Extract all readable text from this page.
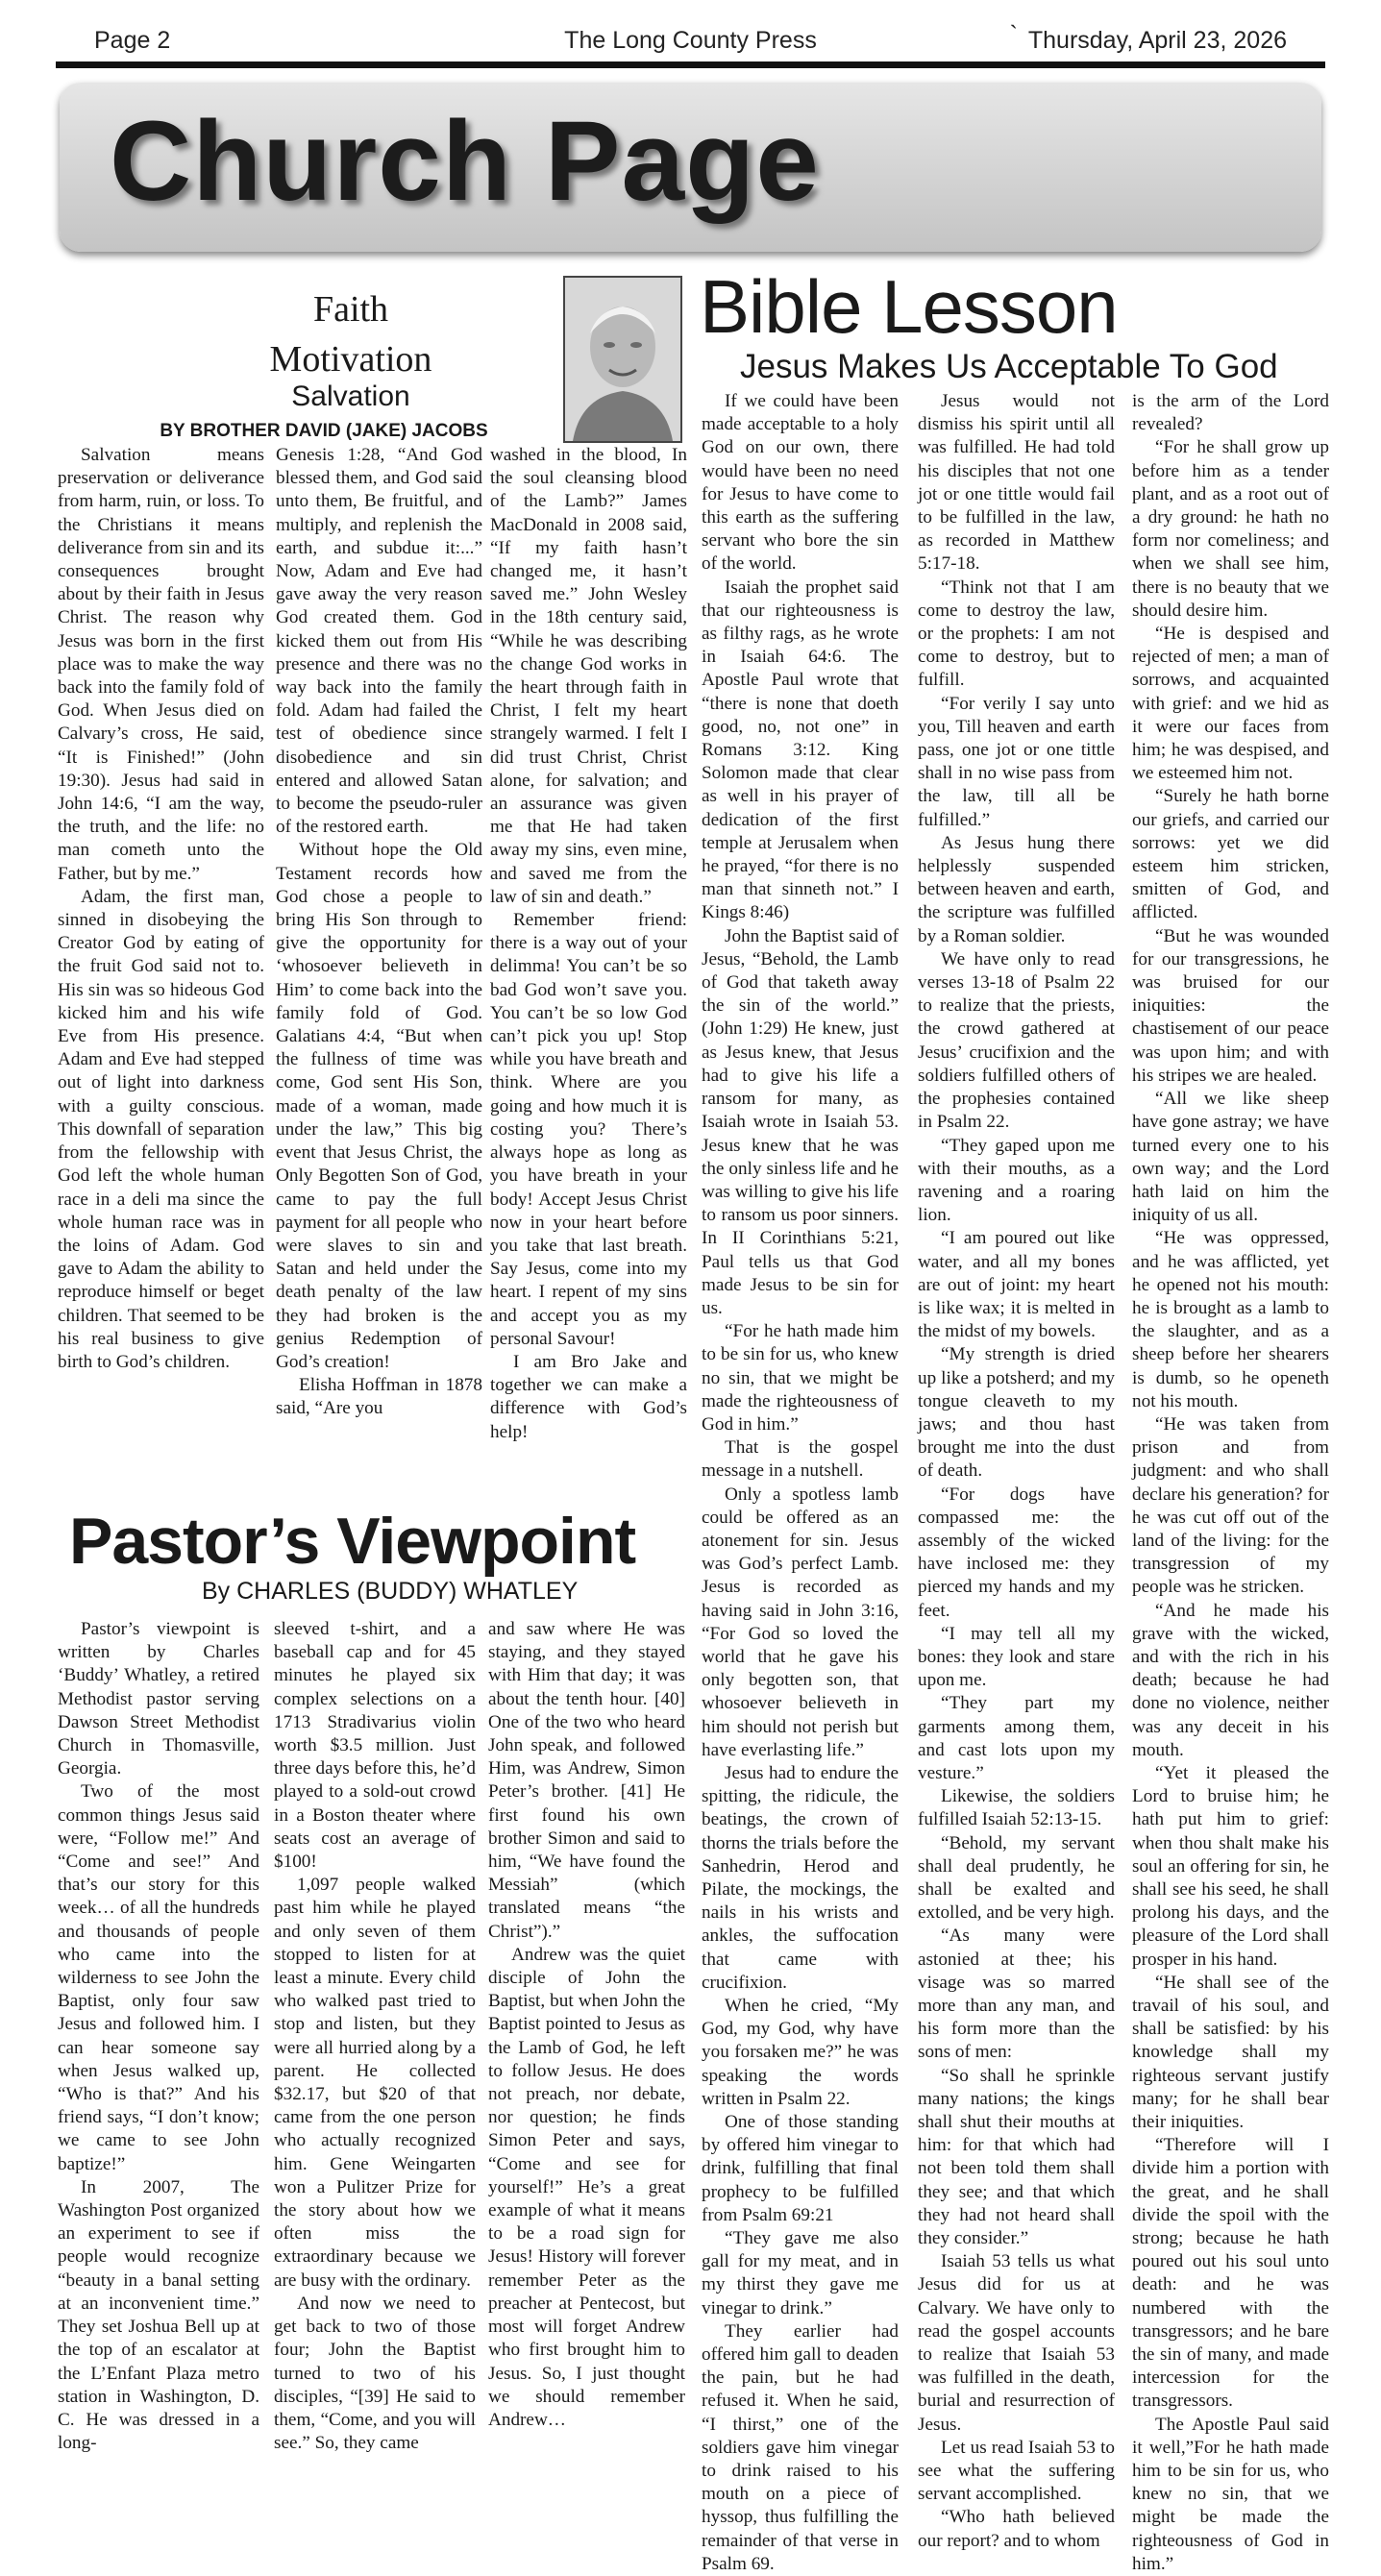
Page 2	The Long County Press	` Thursday, April 23, 2026
Church Page
Faith
Motivation
Salvation
BY BROTHER DAVID (JAKE) JACOBS

Salvation means preservation or deliverance from harm, ruin, or loss. To the Christians it means deliverance from sin and its consequences brought about by their faith in Jesus Christ. The reason why Jesus was born in the first place was to make the way back into the family fold of God. When Jesus died on Calvary’s cross, He said, “It is Finished!” (John 19:30). Jesus had said in John 14:6, “I am the way, the truth, and the life: no man cometh unto the Father, but by me.”

Adam, the first man, sinned in disobeying the Creator God by eating of the fruit God said not to. His sin was so hideous God kicked him and his wife Eve from His presence. Adam and Eve had stepped out of light into darkness with a guilty conscious. This downfall of separation from the fellowship with God left the whole human race in a deli ma since the whole human race was in the loins of Adam. God gave to Adam the ability to reproduce himself or beget children. That seemed to be his real business to give birth to God’s children.

Genesis 1:28, “And God blessed them, and God said unto them, Be fruitful, and multiply, and replenish the earth, and subdue it:...” Now, Adam and Eve had gave away the very reason God created them. God kicked them out from His presence and there was no way back into the family fold. Adam had failed the test of obedience since disobedience and sin entered and allowed Satan to become the pseudo-ruler of the restored earth.

Without hope the Old Testament records how God chose a people to bring His Son through to give the opportunity for ‘whosoever believeth in Him’ to come back into the family fold of God. Galatians 4:4, “But when the fullness of time was come, God sent His Son, made of a woman, made under the law,” This big event that Jesus Christ, the Only Begotten Son of God, came to pay the full payment for all people who were slaves to sin and Satan and held under the death penalty of the law they had broken is the genius Redemption of God’s creation!

Elisha Hoffman in 1878 said, “Are you

washed in the blood, In the soul cleansing blood of the Lamb?” James MacDonald in 2008 said, “If my faith hasn’t changed me, it hasn’t saved me.” John Wesley in the 18th century said, “While he was describing the change God works in the heart through faith in Christ, I felt my heart strangely warmed. I felt I did trust Christ, Christ alone, for salvation; and an assurance was given me that He had taken away my sins, even mine, and saved me from the law of sin and death.”

Remember friend: there is a way out of your delimma! You can’t be so bad God won’t save you. You can’t be so low God can’t pick you up! Stop while you have breath and think. Where are you going and how much it is costing you? There’s always hope as long as you have breath in your body! Accept Jesus Christ now in your heart before you take that last breath. Say Jesus, come into my heart. I repent of my sins and accept you as my personal Savour!

I am Bro Jake and together we can make a difference with God’s help!

Bible Lesson
Jesus Makes Us Acceptable To God

If we could have been made acceptable to a holy God on our own, there would have been no need for Jesus to have come to this earth as the suffering servant who bore the sin of the world.

Isaiah the prophet said that our righteousness is as filthy rags, as he wrote in Isaiah 64:6. The Apostle Paul wrote that “there is none that doeth good, no, not one” in Romans 3:12. King Solomon made that clear as well in his prayer of dedication of the first temple at Jerusalem when he prayed, “for there is no man that sinneth not.” I Kings 8:46)

John the Baptist said of Jesus, “Behold, the Lamb of God that taketh away the sin of the world.” (John 1:29) He knew, just as Jesus knew, that Jesus had to give his life a ransom for many, as Isaiah wrote in Isaiah 53. Jesus knew that he was the only sinless life and he was willing to give his life to ransom us poor sinners. In II Corinthians 5:21, Paul tells us that God made Jesus to be sin for us.

“For he hath made him to be sin for us, who knew no sin, that we might be made the righteousness of God in him.”

That is the gospel message in a nutshell.

Only a spotless lamb could be offered as an atonement for sin. Jesus was God’s perfect Lamb. Jesus is recorded as having said in John 3:16, “For God so loved the world that he gave his only begotten son, that whosoever believeth in him should not perish but have everlasting life.”

Jesus had to endure the spitting, the ridicule, the beatings, the crown of thorns the trials before the Sanhedrin, Herod and Pilate, the mockings, the nails in his wrists and ankles, the suffocation that came with crucifixion.

When he cried, “My God, my God, why have you forsaken me?” he was speaking the words written in Psalm 22.

One of those standing by offered him vinegar to drink, fulfilling that final prophecy to be fulfilled from Psalm 69:21

“They gave me also gall for my meat, and in my thirst they gave me vinegar to drink.”

They earlier had offered him gall to deaden the pain, but he had refused it. When he said, “I thirst,” one of the soldiers gave him vinegar to drink raised to his mouth on a piece of hyssop, thus fulfilling the remainder of that verse in Psalm 69.

Jesus would not dismiss his spirit until all was fulfilled. He had told his disciples that not one jot or one tittle would fail to be fulfilled in the law, as recorded in Matthew 5:17-18.

“Think not that I am come to destroy the law, or the prophets: I am not come to destroy, but to fulfill.

“For verily I say unto you, Till heaven and earth pass, one jot or one tittle shall in no wise pass from the law, till all be fulfilled.”

As Jesus hung there helplessly suspended between heaven and earth, the scripture was fulfilled by a Roman soldier.

We have only to read verses 13-18 of Psalm 22 to realize that the priests, the crowd gathered at Jesus’ crucifixion and the soldiers fulfilled others of the prophesies contained in Psalm 22.

“They gaped upon me with their mouths, as a ravening and a roaring lion.

“I am poured out like water, and all my bones are out of joint: my heart is like wax; it is melted in the midst of my bowels.

“My strength is dried up like a potsherd; and my tongue cleaveth to my jaws; and thou hast brought me into the dust of death.

“For dogs have compassed me: the assembly of the wicked have inclosed me: they pierced my hands and my feet.

“I may tell all my bones: they look and stare upon me.

“They part my garments among them, and cast lots upon my vesture.”

Likewise, the soldiers fulfilled Isaiah 52:13-15.

“Behold, my servant shall deal prudently, he shall be exalted and extolled, and be very high.

“As many were astonied at thee; his visage was so marred more than any man, and his form more than the sons of men:

“So shall he sprinkle many nations; the kings shall shut their mouths at him: for that which had not been told them shall they see; and that which they had not heard shall they consider.”

Isaiah 53 tells us what Jesus did for us at Calvary. We have only to read the gospel accounts to realize that Isaiah 53 was fulfilled in the death, burial and resurrection of Jesus.

Let us read Isaiah 53 to see what the suffering servant accomplished.

“Who hath believed our report? and to whom

is the arm of the Lord revealed?

“For he shall grow up before him as a tender plant, and as a root out of a dry ground: he hath no form nor comeliness; and when we shall see him, there is no beauty that we should desire him.

“He is despised and rejected of men; a man of sorrows, and acquainted with grief: and we hid as it were our faces from him; he was despised, and we esteemed him not.

“Surely he hath borne our griefs, and carried our sorrows: yet we did esteem him stricken, smitten of God, and afflicted.

“But he was wounded for our transgressions, he was bruised for our iniquities: the chastisement of our peace was upon him; and with his stripes we are healed.

“All we like sheep have gone astray; we have turned every one to his own way; and the Lord hath laid on him the iniquity of us all.

“He was oppressed, and he was afflicted, yet he opened not his mouth: he is brought as a lamb to the slaughter, and as a sheep before her shearers is dumb, so he openeth not his mouth.

“He was taken from prison and from judgment: and who shall declare his generation? for he was cut off out of the land of the living: for the transgression of my people was he stricken.

“And he made his grave with the wicked, and with the rich in his death; because he had done no violence, neither was any deceit in his mouth.

“Yet it pleased the Lord to bruise him; he hath put him to grief: when thou shalt make his soul an offering for sin, he shall see his seed, he shall prolong his days, and the pleasure of the Lord shall prosper in his hand.

“He shall see of the travail of his soul, and shall be satisfied: by his knowledge shall my righteous servant justify many; for he shall bear their iniquities.

“Therefore will I divide him a portion with the great, and he shall divide the spoil with the strong; because he hath poured out his soul unto death: and he was numbered with the transgressors; and he bare the sin of many, and made intercession for the transgressors.

The Apostle Paul said it well,”For he hath made him to be sin for us, who knew no sin, that we might be made the righteousness of God in him.”

Pastor’s Viewpoint
By CHARLES (BUDDY) WHATLEY

Pastor’s viewpoint is written by Charles ‘Buddy’ Whatley, a retired Methodist pastor serving Dawson Street Methodist Church in Thomasville, Georgia.

Two of the most common things Jesus said were, “Follow me!” And “Come and see!” And that’s our story for this week… of all the hundreds and thousands of people who came into the wilderness to see John the Baptist, only four saw Jesus and followed him. I can hear someone say when Jesus walked up, “Who is that?” And his friend says, “I don’t know; we came to see John baptize!”

In 2007, The Washington Post organized an experiment to see if people would recognize “beauty in a banal setting at an inconvenient time.” They set Joshua Bell up at the top of an escalator at the L’Enfant Plaza metro station in Washington, D. C. He was dressed in a long-

sleeved t-shirt, and a baseball cap and for 45 minutes he played six complex selections on a 1713 Stradivarius violin worth $3.5 million. Just three days before this, he’d played to a sold-out crowd in a Boston theater where seats cost an average of $100!

1,097 people walked past him while he played and only seven of them stopped to listen for at least a minute. Every child who walked past tried to stop and listen, but they were all hurried along by a parent. He collected $32.17, but $20 of that came from the one person who actually recognized him. Gene Weingarten won a Pulitzer Prize for the story about how we often miss the extraordinary because we are busy with the ordinary.

And now we need to get back to two of those four; John the Baptist turned to two of his disciples, “[39] He said to them, “Come, and you will see.” So, they came

and saw where He was staying, and they stayed with Him that day; it was about the tenth hour. [40] One of the two who heard John speak, and followed Him, was Andrew, Simon Peter’s brother. [41] He first found his own brother Simon and said to him, “We have found the Messiah” (which translated means “the Christ”).”

Andrew was the quiet disciple of John the Baptist, but when John the Baptist pointed to Jesus as the Lamb of God, he left to follow Jesus. He does not preach, nor debate, nor question; he finds Simon Peter and says, “Come and see for yourself!” He’s a great example of what it means to be a road sign for Jesus! History will forever remember Peter as the preacher at Pentecost, but most will forget Andrew who first brought him to Jesus. So, I just thought we should remember Andrew…
